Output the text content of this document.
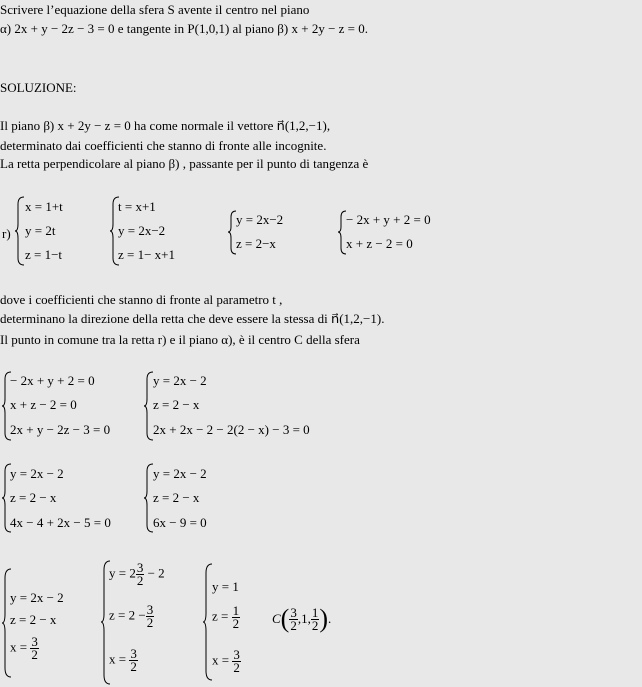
Scrivere l’equazione della sfera S avente il centro nel piano
α) 2x + y − 2z − 3 = 0 e tangente in P(1,0,1) al piano β) x + 2y − z = 0.
SOLUZIONE:
Il piano β) x + 2y − z = 0 ha come normale il vettore n⃗(1,2,−1),
determinato dai coefficienti che stanno di fronte alle incognite.
La retta perpendicolare al piano β) , passante per il punto di tangenza è
r)
x = 1+t
y = 2t
z = 1−t
t = x+1
y = 2x−2
z = 1− x+1
y = 2x−2
z = 2−x
− 2x + y + 2 = 0
x + z − 2 = 0
dove i coefficienti che stanno di fronte al parametro t ,
determinano la direzione della retta che deve essere la stessa di n⃗(1,2,−1).
Il punto in comune tra la retta r) e il piano α), è il centro C della sfera
− 2x + y + 2 = 0
x + z − 2 = 0
2x + y − 2z − 3 = 0
y = 2x − 2
z = 2 − x
2x + 2x − 2 − 2(2 − x) − 3 = 0
y = 2x − 2
z = 2 − x
4x − 4 + 2x − 5 = 0
y = 2x − 2
z = 2 − x
6x − 9 = 0
y = 2x − 2
z = 2 − x
$x = \frac{3}{2}$
$y = 2 \frac{3}{2} - 2$
$z = 2 - \frac{3}{2}$
$x = \frac{3}{2}$
y = 1
$z = \frac{1}{2}$
$x = \frac{3}{2}$
$C( \frac{3}{2} ,1$, $\frac{1}{2}$ ).
